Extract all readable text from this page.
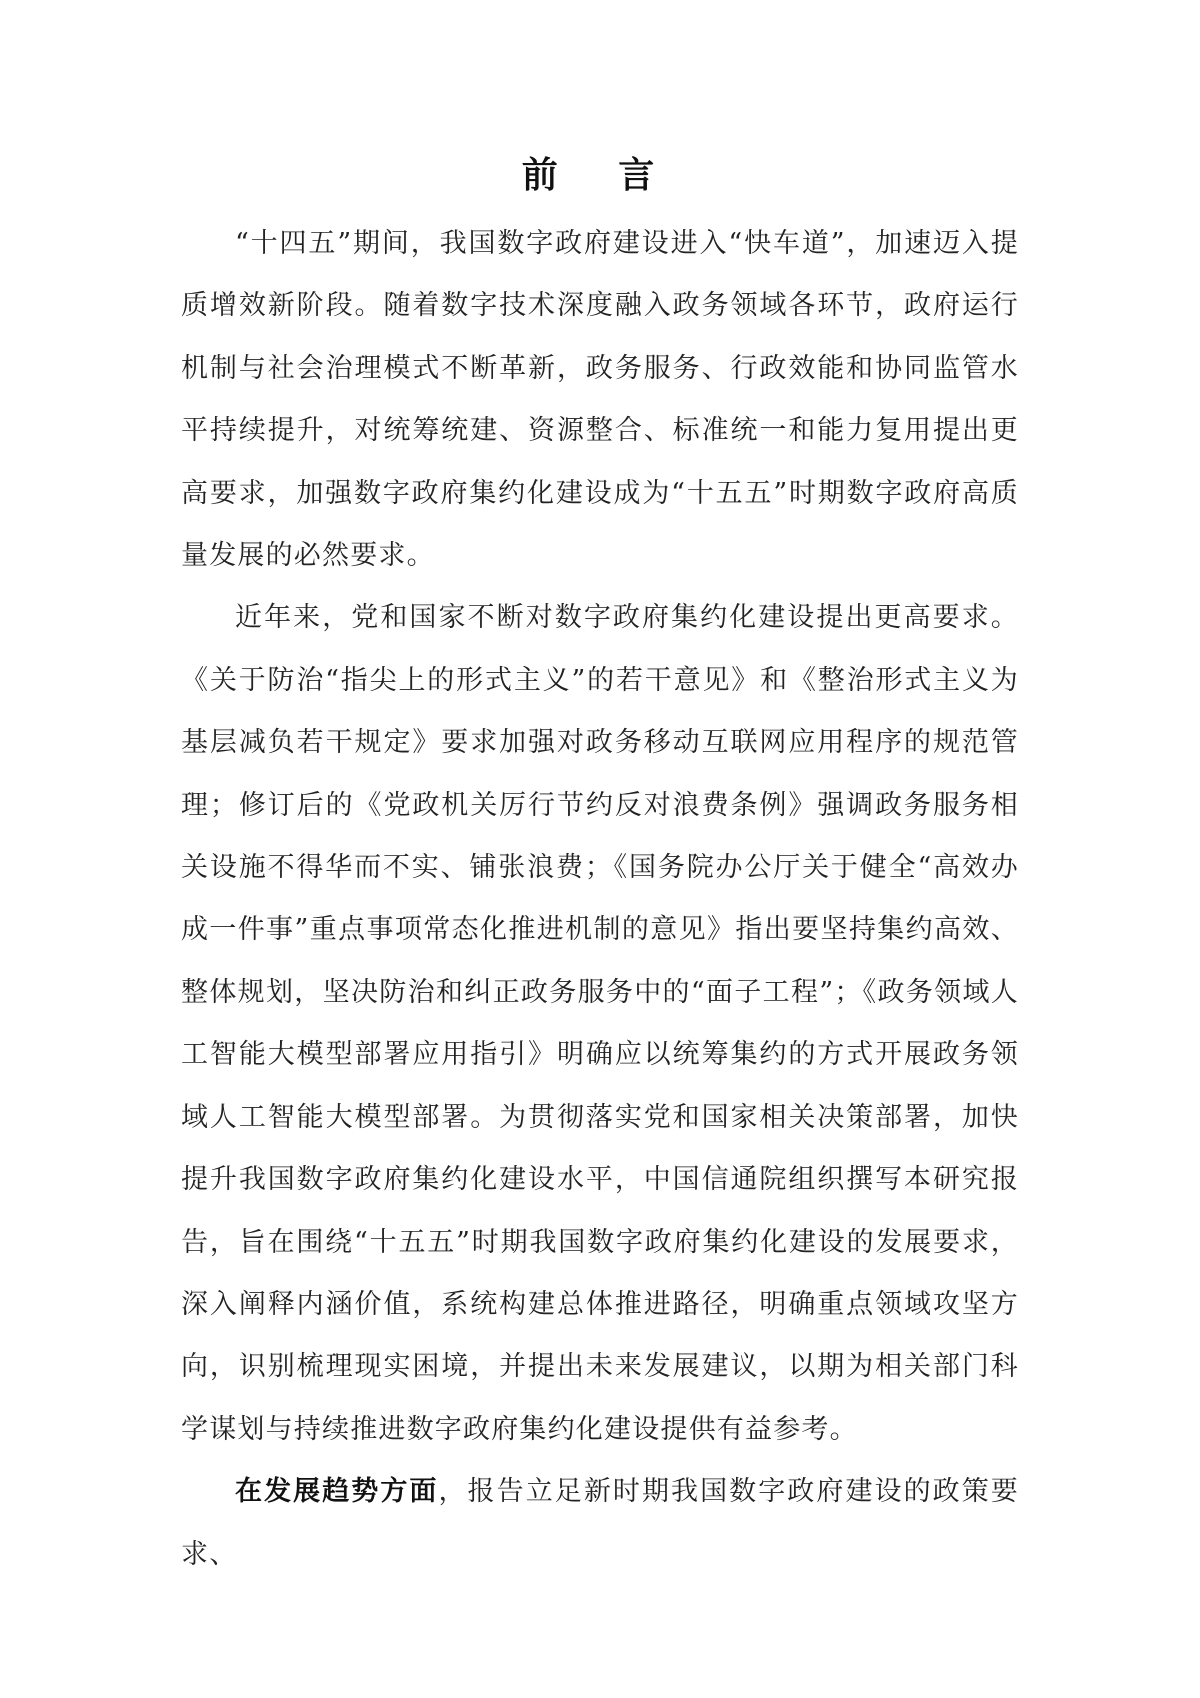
前 言

“十四五”期间，我国数字政府建设进入“快车道”，加速迈入提质增效新阶段。随着数字技术深度融入政务领域各环节，政府运行机制与社会治理模式不断革新，政务服务、行政效能和协同监管水平持续提升，对统筹统建、资源整合、标准统一和能力复用提出更高要求，加强数字政府集约化建设成为“十五五”时期数字政府高质量发展的必然要求。

近年来，党和国家不断对数字政府集约化建设提出更高要求。《关于防治“指尖上的形式主义”的若干意见》和《整治形式主义为基层减负若干规定》要求加强对政务移动互联网应用程序的规范管理；修订后的《党政机关厉行节约反对浪费条例》强调政务服务相关设施不得华而不实、铺张浪费；《国务院办公厅关于健全“高效办成一件事”重点事项常态化推进机制的意见》指出要坚持集约高效、整体规划，坚决防治和纠正政务服务中的“面子工程”；《政务领域人工智能大模型部署应用指引》明确应以统筹集约的方式开展政务领域人工智能大模型部署。为贯彻落实党和国家相关决策部署，加快提升我国数字政府集约化建设水平，中国信通院组织撰写本研究报告，旨在围绕“十五五”时期我国数字政府集约化建设的发展要求，深入阐释内涵价值，系统构建总体推进路径，明确重点领域攻坚方向，识别梳理现实困境，并提出未来发展建议，以期为相关部门科学谋划与持续推进数字政府集约化建设提供有益参考。

在发展趋势方面，报告立足新时期我国数字政府建设的政策要求、
